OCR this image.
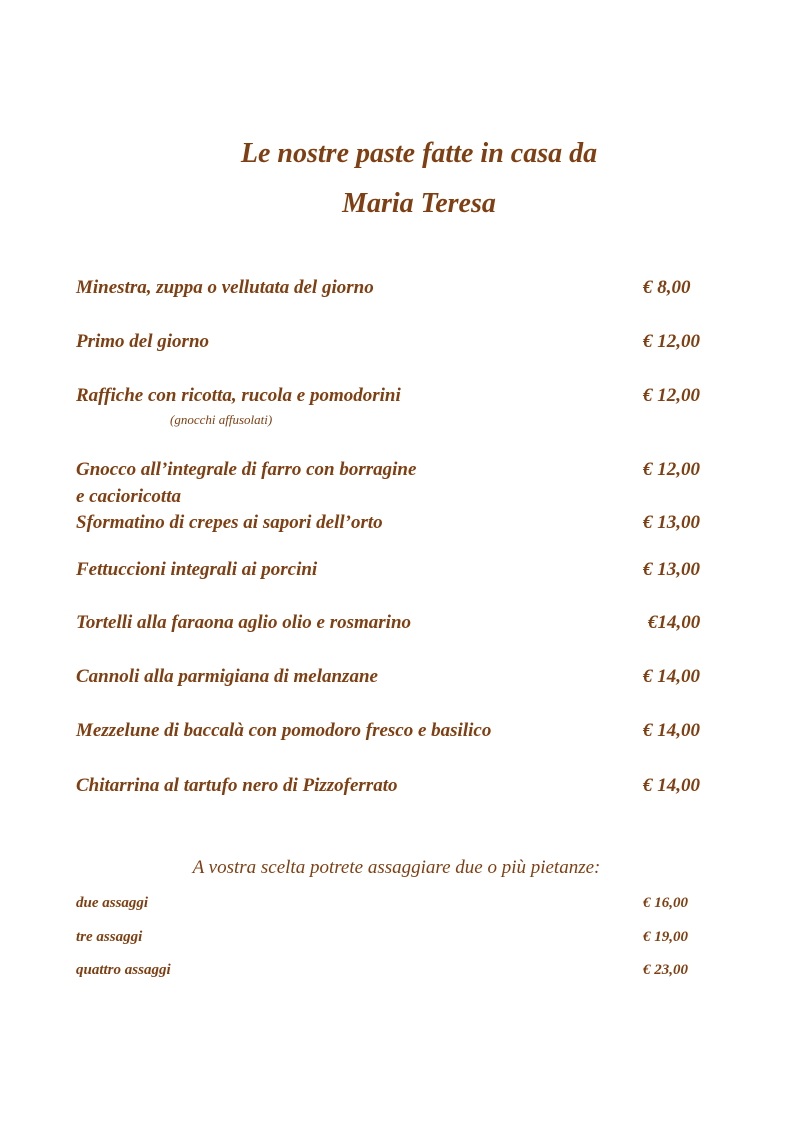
Le nostre paste fatte in casa da
Maria Teresa
Minestra, zuppa o vellutata del giorno	€ 8,00
Primo del giorno	€ 12,00
Raffiche con ricotta, rucola e pomodorini	€ 12,00
(gnocchi affusolati)
Gnocco all’integrale di farro con borragine	€ 12,00
e cacioricotta
Sformatino di crepes ai sapori dell’orto	€ 13,00
Fettuccioni integrali ai porcini	€ 13,00
Tortelli alla faraona aglio olio e rosmarino	€14,00
Cannoli alla parmigiana di melanzane	€ 14,00
Mezzelune di baccalà con pomodoro fresco e basilico	€ 14,00
Chitarrina al tartufo nero di Pizzoferrato	€ 14,00
A vostra scelta potrete assaggiare due o più pietanze:
due assaggi	€ 16,00
tre assaggi	€ 19,00
quattro assaggi	€ 23,00
